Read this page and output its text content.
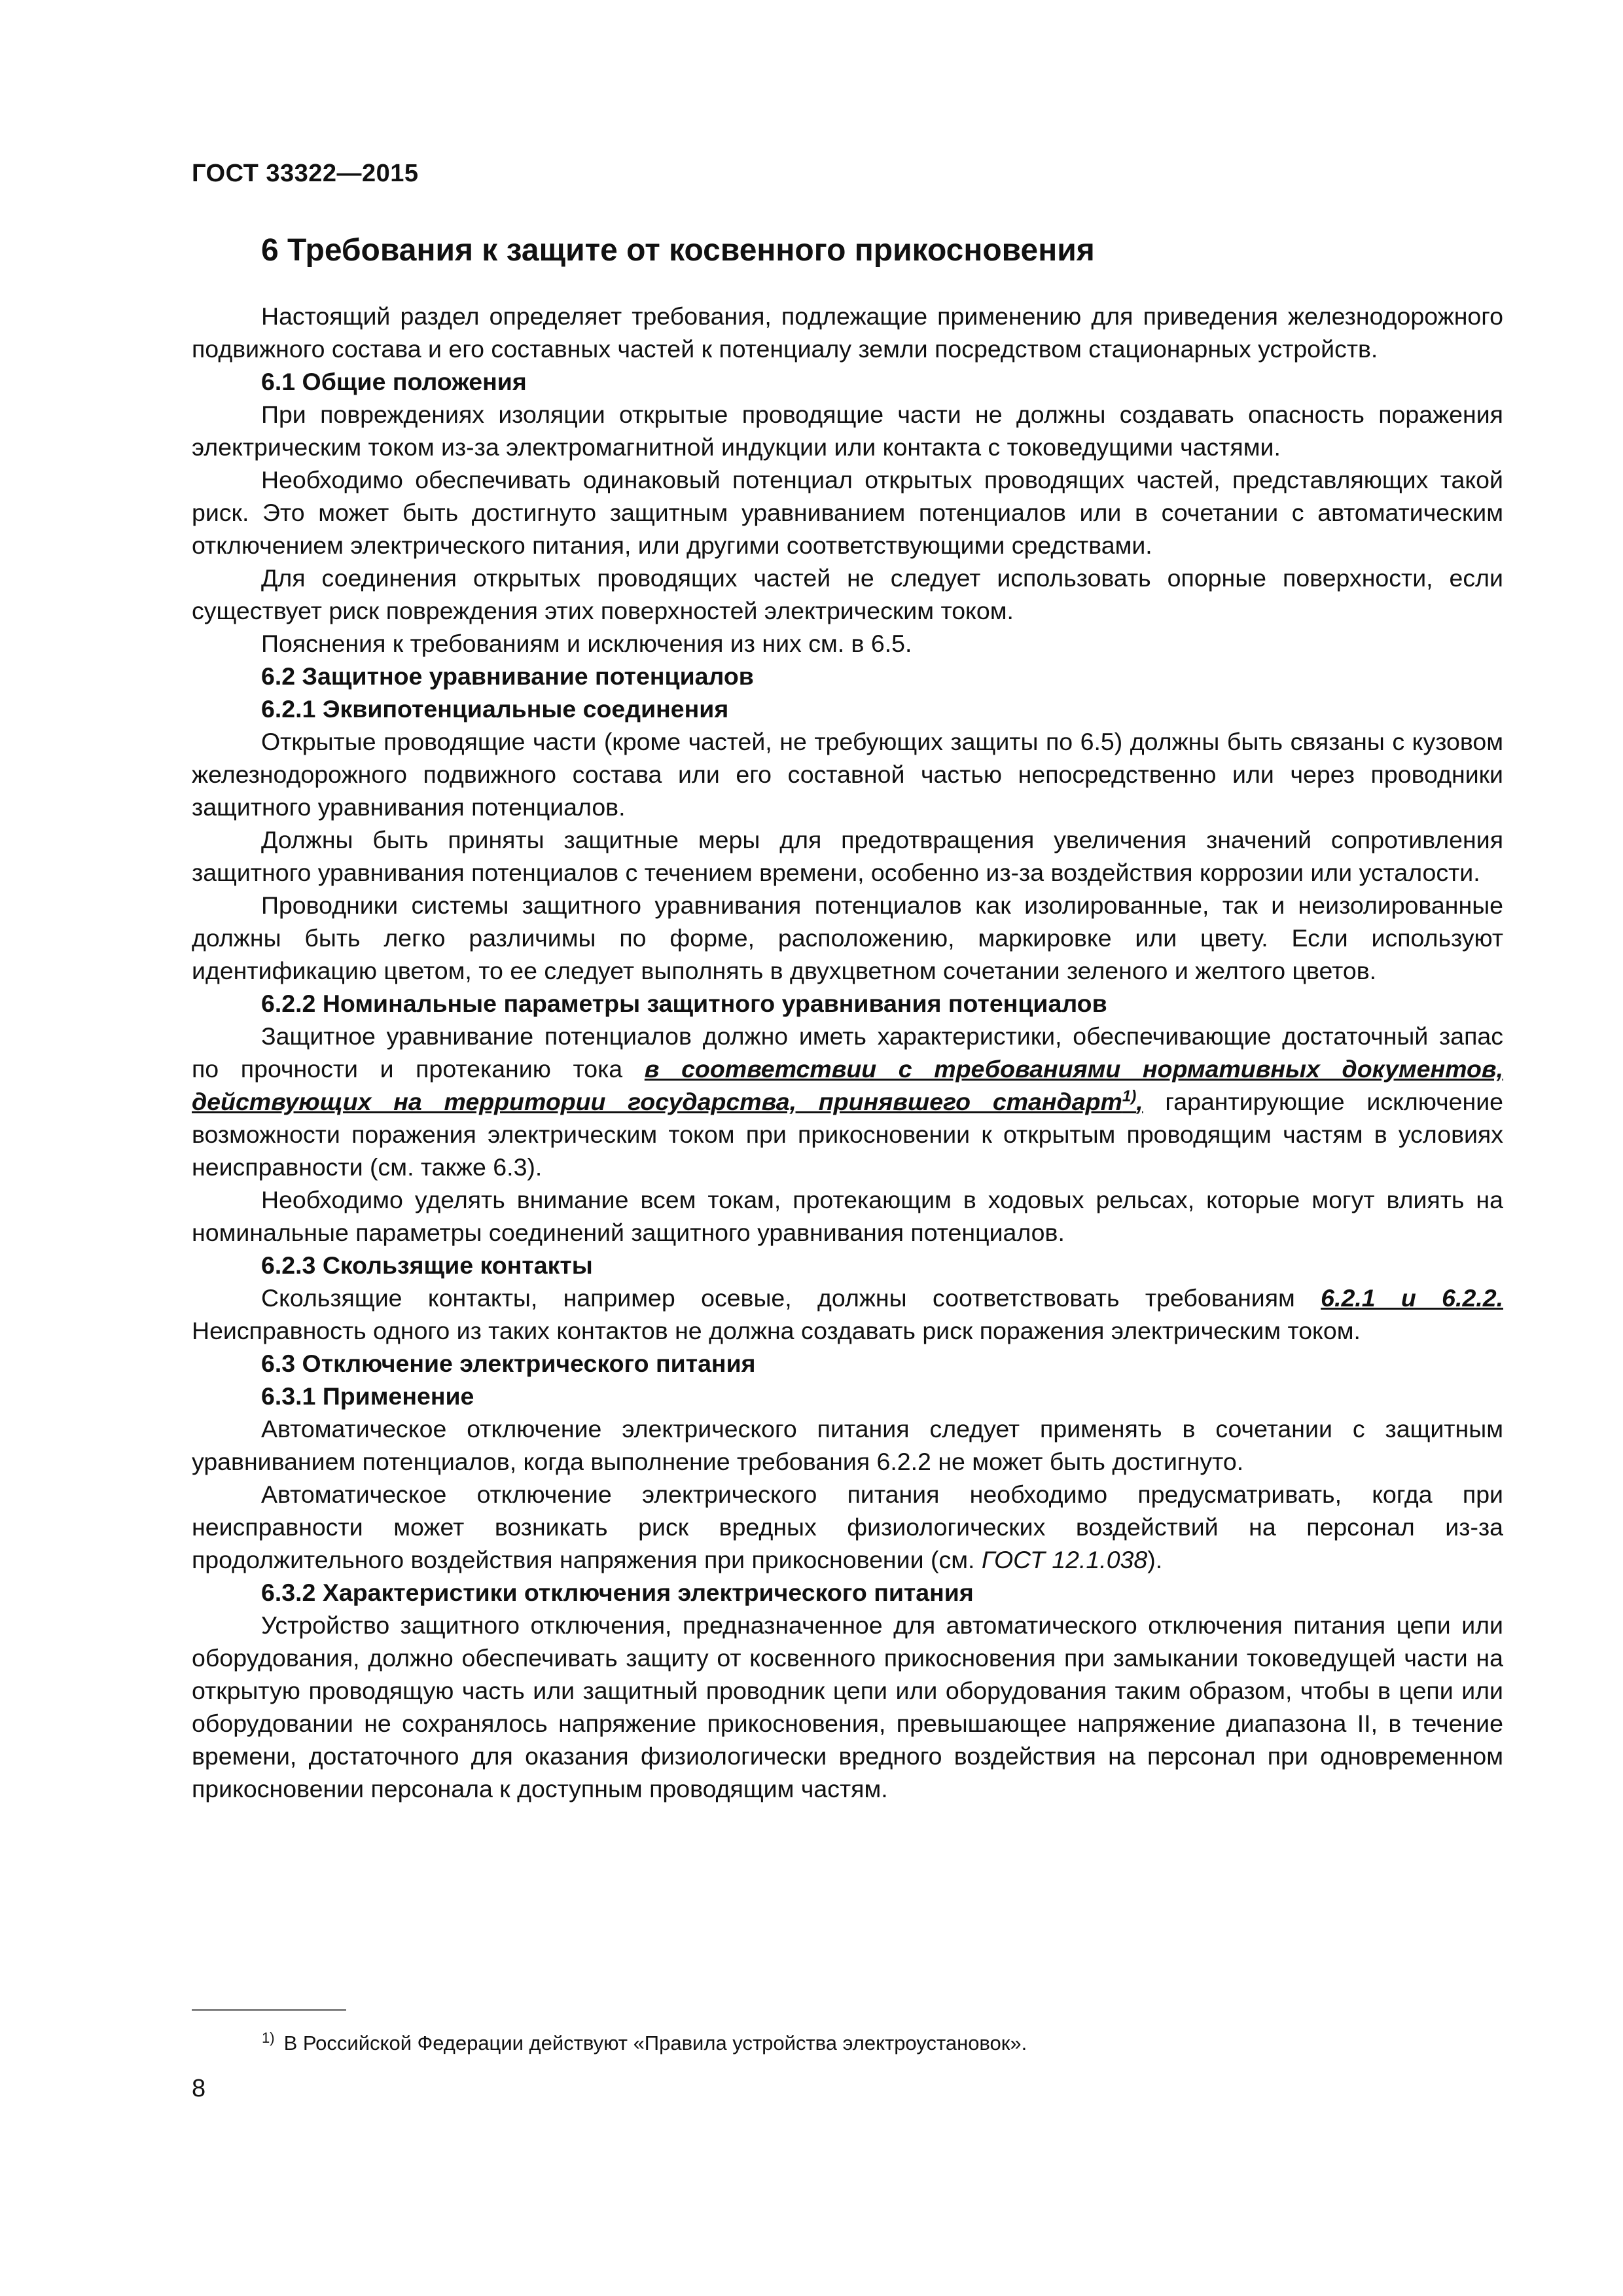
ГОСТ 33322—2015
6 Требования к защите от косвенного прикосновения

Настоящий раздел определяет требования, подлежащие применению для приведения железнодорожного подвижного состава и его составных частей к потенциалу земли посредством стационарных устройств.

6.1 Общие положения

При повреждениях изоляции открытые проводящие части не должны создавать опасность поражения электрическим током из-за электромагнитной индукции или контакта с токоведущими частями.

Необходимо обеспечивать одинаковый потенциал открытых проводящих частей, представляющих такой риск. Это может быть достигнуто защитным уравниванием потенциалов или в сочетании с автоматическим отключением электрического питания, или другими соответствующими средствами.

Для соединения открытых проводящих частей не следует использовать опорные поверхности, если существует риск повреждения этих поверхностей электрическим током.

Пояснения к требованиям и исключения из них см. в 6.5.

6.2 Защитное уравнивание потенциалов

6.2.1 Эквипотенциальные соединения

Открытые проводящие части (кроме частей, не требующих защиты по 6.5) должны быть связаны с кузовом железнодорожного подвижного состава или его составной частью непосредственно или через проводники защитного уравнивания потенциалов.

Должны быть приняты защитные меры для предотвращения увеличения значений сопротивления защитного уравнивания потенциалов с течением времени, особенно из-за воздействия коррозии или усталости.

Проводники системы защитного уравнивания потенциалов как изолированные, так и неизолированные должны быть легко различимы по форме, расположению, маркировке или цвету. Если используют идентификацию цветом, то ее следует выполнять в двухцветном сочетании зеленого и желтого цветов.

6.2.2 Номинальные параметры защитного уравнивания потенциалов

Защитное уравнивание потенциалов должно иметь характеристики, обеспечивающие достаточный запас по прочности и протеканию тока в соответствии с требованиями нормативных документов, действующих на территории государства, принявшего стандарт$^{1)}$, гарантирующие исключение возможности поражения электрическим током при прикосновении к открытым проводящим частям в условиях неисправности (см. также 6.3).

Необходимо уделять внимание всем токам, протекающим в ходовых рельсах, которые могут влиять на номинальные параметры соединений защитного уравнивания потенциалов.

6.2.3 Скользящие контакты

Скользящие контакты, например осевые, должны соответствовать требованиям 6.2.1 и 6.2.2. Неисправность одного из таких контактов не должна создавать риск поражения электрическим током.

6.3 Отключение электрического питания

6.3.1 Применение

Автоматическое отключение электрического питания следует применять в сочетании с защитным уравниванием потенциалов, когда выполнение требования 6.2.2 не может быть достигнуто.

Автоматическое отключение электрического питания необходимо предусматривать, когда при неисправности может возникать риск вредных физиологических воздействий на персонал из-за продолжительного воздействия напряжения при прикосновении (см. ГОСТ 12.1.038).

6.3.2 Характеристики отключения электрического питания

Устройство защитного отключения, предназначенное для автоматического отключения питания цепи или оборудования, должно обеспечивать защиту от косвенного прикосновения при замыкании токоведущей части на открытую проводящую часть или защитный проводник цепи или оборудования таким образом, чтобы в цепи или оборудовании не сохранялось напряжение прикосновения, превышающее напряжение диапазона II, в течение времени, достаточного для оказания физиологически вредного воздействия на персонал при одновременном прикосновении персонала к доступным проводящим частям.

$^{1)}$ В Российской Федерации действуют «Правила устройства электроустановок».
8
